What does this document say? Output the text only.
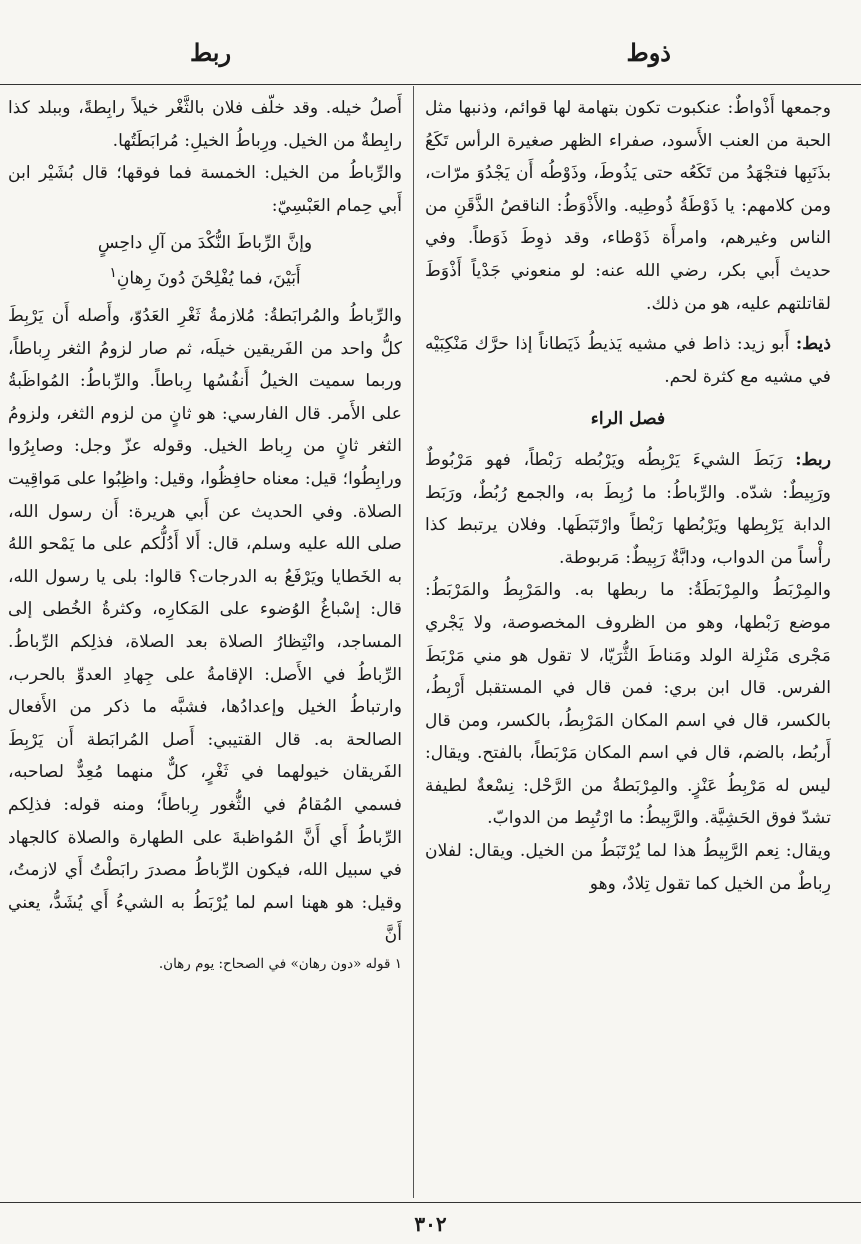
ذوط
ربط

وجمعها أَذْواطٌ: عنكبوت تكون بتهامة لها قوائم، وذنبها مثل الحبة من العنب الأَسود، صفراء الظهر صغيرة الرأس تَكَعُ بذَنَبِها فتجْهَدُ من تَكَعُه حتى يَذُوطَ، وذَوْطُه أَن يَجْدُوَ مرّات، ومن كلامهم: يا ذَوْطَةُ ذُوطِيه. والأَذْوَطُ: الناقصُ الذَّقَنِ من الناس وغيرهم، وامرأَة ذَوْطاء، وقد ذوِطَ ذَوَطاً. وفي حديث أَبي بكر، رضي الله عنه: لو منعوني جَدْياً أَذْوَطَ لقاتلتهم عليه، هو من ذلك.

ذيط: أَبو زيد: ذاط في مشيه يَذيطُ ذَيَطاناً إذا حرَّك مَنْكِبَيْه في مشيه مع كثرة لحم.

فصل الراء

ربط: رَبَطَ الشيءَ يَرْبِطُه ويَرْبُطه رَبْطاً، فهو مَرْبُوطٌ ورَبِيطٌ: شدّه. والرِّباطُ: ما رُبِطَ به، والجمع رُبُطٌ، ورَبَط الدابة يَرْبِطها ويَرْبُطها رَبْطاً وارْتَبَطَها. وفلان يرتبط كذا رأْساً من الدواب، ودابَّةٌ رَبِيطٌ: مَربوطة.

والمِرْبَطُ والمِرْبَطَةُ: ما ربطها به. والمَرْبِطُ والمَرْبَطُ: موضع رَبْطها، وهو من الظروف المخصوصة، ولا يَجْري مَجْرى مَنْزِلة الولد ومَناطَ الثُّرَيّا، لا تقول هو مني مَرْبَطَ الفرس. قال ابن بري: فمن قال في المستقبل أَرْبِطُ، بالكسر، قال في اسم المكان المَرْبِطُ، بالكسر، ومن قال أَربُط، بالضم، قال في اسم المكان مَرْبَطاً، بالفتح. ويقال: ليس له مَرْبِطُ عَنْزٍ. والمِرْبَطةُ من الرَّحْل: نِسْعةٌ لطيفة تشدّ فوق الحَشِيَّة. والرَّبِيطُ: ما ارْتُبِط من الدوابّ.

ويقال: نِعم الرَّبِيطُ هذا لما يُرْتَبَطُ من الخيل. ويقال: لفلان رِباطٌ من الخيل كما تقول تِلادٌ، وهو

أَصلُ خيله. وقد خلّف فلان بالثَّغْر خيلاً رابِطةً، وببلد كذا رابِطةٌ من الخيل. ورِباطُ الخيلِ: مُرابَطَتُها.

والرِّباطُ من الخيل: الخمسة فما فوقها؛ قال بُشَيْر ابن أَبي حِمام العَبْسِيّ:

وإنَّ الرِّباطَ النُّكْدَ من آلِ داحِسٍ
أَبَيْنَ، فما يُفْلِحْنَ دُونَ رِهانِ$^١$

والرِّباطُ والمُرابَطةُ: مُلازمةُ ثَغْرِ العَدُوّ، وأَصله أَن يَرْبِطَ كلُّ واحد من الفَريقين خيلَه، ثم صار لزومُ الثغر رِباطاً، وربما سميت الخيلُ أَنفُسُها رِباطاً. والرِّباطُ: المُواظَبةُ على الأَمر. قال الفارسي: هو ثانٍ من لزوم الثغر، ولزومُ الثغر ثانٍ من رِباط الخيل. وقوله عزّ وجل: وصابِرُوا ورابِطُوا؛ قيل: معناه حافِظُوا، وقيل: واظِبُوا على مَواقِيت الصلاة. وفي الحديث عن أَبي هريرة: أَن رسول الله، صلى الله عليه وسلم، قال: أَلا أَدُلُّكم على ما يَمْحو اللهُ به الخَطايا ويَرْفَعُ به الدرجات؟ قالوا: بلى يا رسول الله، قال: إسْباغُ الوُضوء على المَكارِه، وكثرةُ الخُطى إلى المساجد، وانْتِظارُ الصلاة بعد الصلاة، فذلِكم الرِّباطُ. الرِّباطُ في الأَصل: الإقامةُ على جِهادِ العدوِّ بالحرب، وارتباطُ الخيل وإعدادُها، فشبَّه ما ذكر من الأَفعال الصالحة به. قال القتيبي: أَصل المُرابَطة أَن يَرْبِطَ الفَريقان خيولهما في ثَغْرٍ، كلٌّ منهما مُعِدٌّ لصاحبه، فسمي المُقامُ في الثُّغور رِباطاً؛ ومنه قوله: فذلِكم الرِّباطُ أَي أَنَّ المُواظبةَ على الطهارة والصلاة كالجهاد في سبيل الله، فيكون الرِّباطُ مصدرَ رابَطْتُ أَي لازمتُ، وقيل: هو ههنا اسم لما يُرْبَطُ به الشيءُ أَي يُشَدُّ، يعني أَنَّ

١ قوله «دون رهان» في الصحاح: يوم رهان.

٣٠٢
